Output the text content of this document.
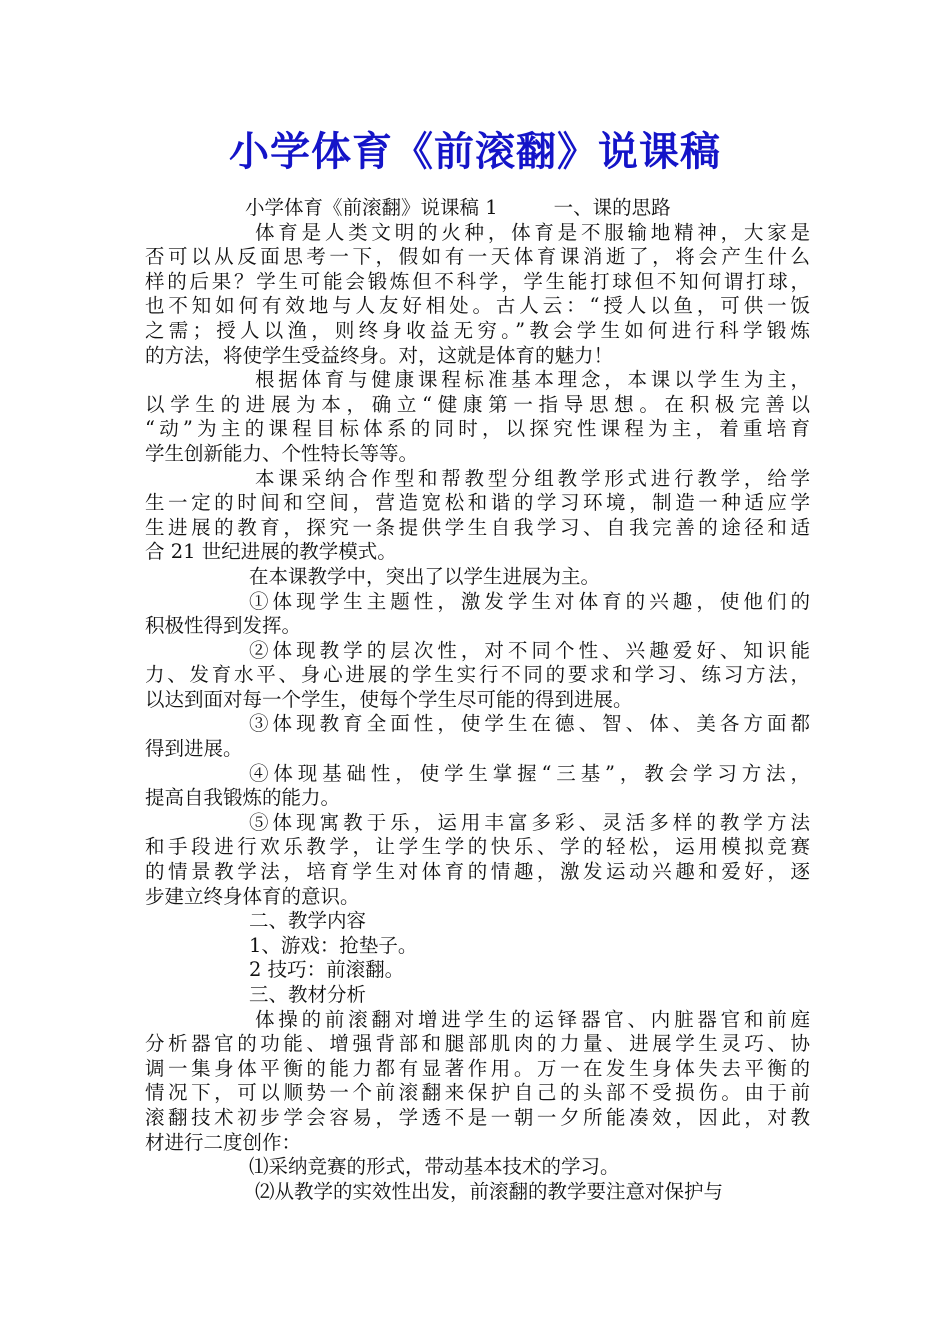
小学体育《前滚翻》说课稿
小学体育《前滚翻》说课稿 1	一、课的思路
体育是人类文明的火种，体育是不服输地精神，大家是
否可以从反面思考一下，假如有一天体育课消逝了，将会产生什么
样的后果？学生可能会锻炼但不科学，学生能打球但不知何谓打球，
也不知如何有效地与人友好相处。古人云：“授人以鱼，可供一饭
之需；授人以渔，则终身收益无穷。”教会学生如何进行科学锻炼
的方法，将使学生受益终身。对，这就是体育的魅力！
根据体育与健康课程标准基本理念，本课以学生为主，
以学生的进展为本，确立“健康第一指导思想。在积极完善以
“动”为主的课程目标体系的同时，以探究性课程为主，着重培育
学生创新能力、个性特长等等。
本课采纳合作型和帮教型分组教学形式进行教学，给学
生一定的时间和空间，营造宽松和谐的学习环境，制造一种适应学
生进展的教育，探究一条提供学生自我学习、自我完善的途径和适
合 21 世纪进展的教学模式。
在本课教学中，突出了以学生进展为主。
①体现学生主题性，激发学生对体育的兴趣，使他们的
积极性得到发挥。
②体现教学的层次性，对不同个性、兴趣爱好、知识能
力、发育水平、身心进展的学生实行不同的要求和学习、练习方法，
以达到面对每一个学生，使每个学生尽可能的得到进展。
③体现教育全面性，使学生在德、智、体、美各方面都
得到进展。
④体现基础性，使学生掌握“三基”，教会学习方法，
提高自我锻炼的能力。
⑤体现寓教于乐，运用丰富多彩、灵活多样的教学方法
和手段进行欢乐教学，让学生学的快乐、学的轻松，运用模拟竞赛
的情景教学法，培育学生对体育的情趣，激发运动兴趣和爱好，逐
步建立终身体育的意识。
二、教学内容
1、游戏：抢垫子。
2 技巧：前滚翻。
三、教材分析
体操的前滚翻对增进学生的运铎器官、内脏器官和前庭
分析器官的功能、增强背部和腿部肌肉的力量、进展学生灵巧、协
调一集身体平衡的能力都有显著作用。万一在发生身体失去平衡的
情况下，可以顺势一个前滚翻来保护自己的头部不受损伤。由于前
滚翻技术初步学会容易，学透不是一朝一夕所能凑效，因此，对教
材进行二度创作：
⑴采纳竞赛的形式，带动基本技术的学习。
⑵从教学的实效性出发，前滚翻的教学要注意对保护与
